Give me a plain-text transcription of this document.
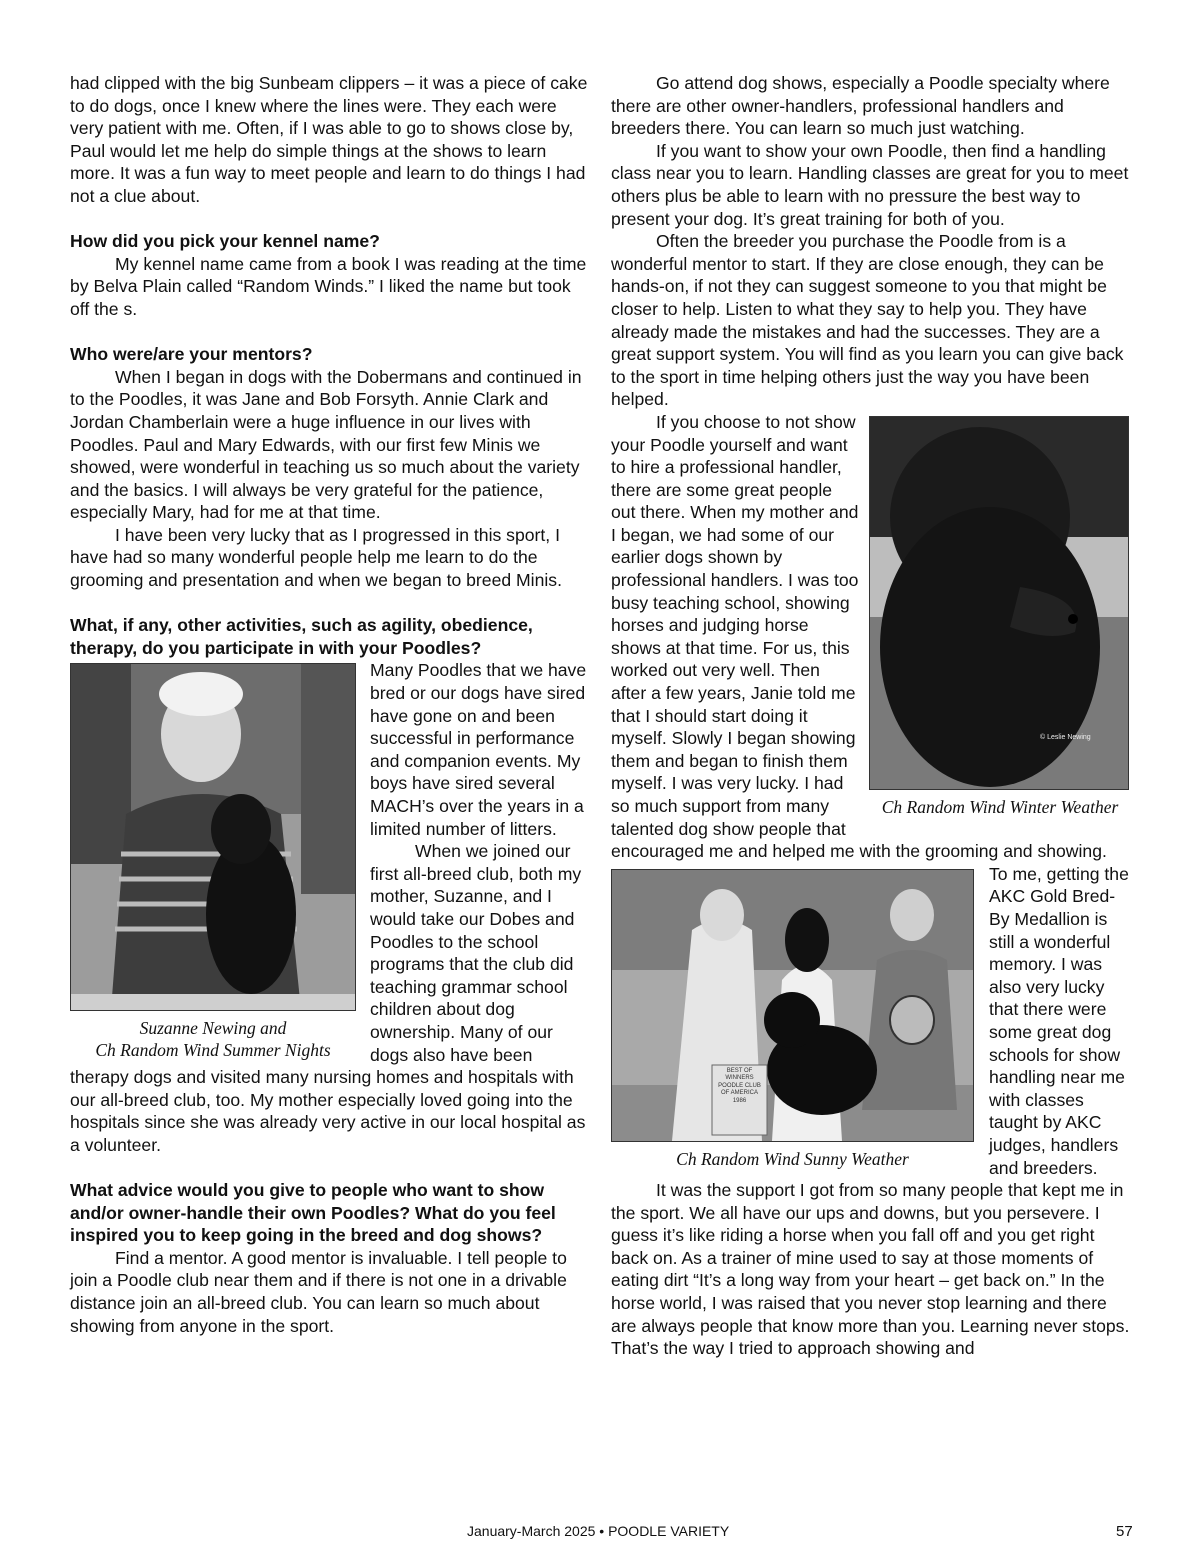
had clipped with the big Sunbeam clippers – it was a piece of cake to do dogs, once I knew where the lines were. They each were very patient with me. Often, if I was able to go to shows close by, Paul would let me help do simple things at the shows to learn more. It was a fun way to meet people and learn to do things I had not a clue about.

How did you pick your kennel name?

My kennel name came from a book I was reading at the time by Belva Plain called “Random Winds.” I liked the name but took off the s.

Who were/are your mentors?

When I began in dogs with the Dobermans and continued in to the Poodles, it was Jane and Bob Forsyth. Annie Clark and Jordan Chamberlain were a huge influence in our lives with Poodles. Paul and Mary Edwards, with our first few Minis we showed, were wonderful in teaching us so much about the variety and the basics. I will always be very grateful for the patience, especially Mary, had for me at that time.

I have been very lucky that as I progressed in this sport, I have had so many wonderful people help me learn to do the grooming and presentation and when we began to breed Minis.

What, if any, other activities, such as agility, obedience, therapy, do you participate in with your Poodles?

Suzanne Newing and
Ch Random Wind Summer Nights

Many Poodles that we have bred or our dogs have sired have gone on and been successful in performance and companion events. My boys have sired several MACH’s over the years in a limited number of litters.

When we joined our first all-breed club, both my mother, Suzanne, and I would take our Dobes and Poodles to the school programs that the club did teaching grammar school children about dog ownership. Many of our dogs also have been therapy dogs and visited many nursing homes and hospitals with our all-breed club, too. My mother especially loved going into the hospitals since she was already very active in our local hospital as a volunteer.

What advice would you give to people who want to show and/or owner-handle their own Poodles? What do you feel inspired you to keep going in the breed and dog shows?

Find a mentor. A good mentor is invaluable. I tell people to join a Poodle club near them and if there is not one in a drivable distance join an all-breed club. You can learn so much about showing from anyone in the sport.

Go attend dog shows, especially a Poodle specialty where there are other owner-handlers, professional handlers and breeders there. You can learn so much just watching.

If you want to show your own Poodle, then find a handling class near you to learn. Handling classes are great for you to meet others plus be able to learn with no pressure the best way to present your dog. It’s great training for both of you.

Often the breeder you purchase the Poodle from is a wonderful mentor to start. If they are close enough, they can be hands-on, if not they can suggest someone to you that might be closer to help. Listen to what they say to help you. They have already made the mistakes and had the successes. They are a great support system. You will find as you learn you can give back to the sport in time helping others just the way you have been helped.

© Leslie Newing
Ch Random Wind Winter Weather

If you choose to not show your Poodle yourself and want to hire a professional handler, there are some great people out there. When my mother and I began, we had some of our earlier dogs shown by professional handlers. I was too busy teaching school, showing horses and judging horse shows at that time. For us, this worked out very well. Then after a few years, Janie told me that I should start doing it myself. Slowly I began showing them and began to finish them myself. I was very lucky. I had so much support from many talented dog show people that encouraged me and helped me with the grooming and showing.

BEST OF
WINNERS
POODLE CLUB
OF AMERICA
1986
Ch Random Wind Sunny Weather

To me, getting the AKC Gold Bred-By Medallion is still a wonderful memory. I was also very lucky that there were some great dog schools for show handling near me with classes taught by AKC judges, handlers and breeders.

It was the support I got from so many people that kept me in the sport. We all have our ups and downs, but you persevere. I guess it’s like riding a horse when you fall off and you get right back on. As a trainer of mine used to say at those moments of eating dirt “It’s a long way from your heart – get back on.” In the horse world, I was raised that you never stop learning and there are always people that know more than you. Learning never stops. That’s the way I tried to approach showing and

January-March 2025 • POODLE VARIETY	57
